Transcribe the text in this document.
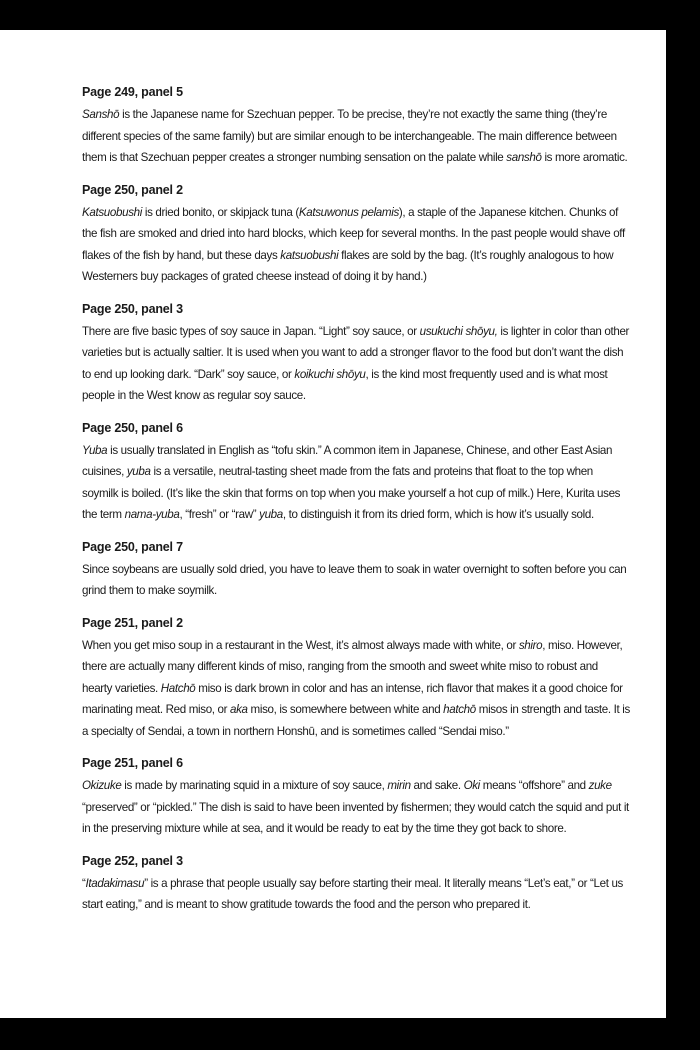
Page 249, panel 5

Sanshō is the Japanese name for Szechuan pepper. To be precise, they’re not exactly the same thing (they’re different species of the same family) but are similar enough to be interchangeable. The main difference between them is that Szechuan pepper creates a stronger numbing sensation on the palate while sanshō is more aromatic.

Page 250, panel 2

Katsuobushi is dried bonito, or skipjack tuna (Katsuwonus pelamis), a staple of the Japanese kitchen. Chunks of the fish are smoked and dried into hard blocks, which keep for several months. In the past people would shave off flakes of the fish by hand, but these days katsuobushi flakes are sold by the bag. (It’s roughly analogous to how Westerners buy packages of grated cheese instead of doing it by hand.)

Page 250, panel 3

There are five basic types of soy sauce in Japan. “Light” soy sauce, or usukuchi shōyu, is lighter in color than other varieties but is actually saltier. It is used when you want to add a stronger flavor to the food but don’t want the dish to end up looking dark. “Dark” soy sauce, or koikuchi shōyu, is the kind most frequently used and is what most people in the West know as regular soy sauce.

Page 250, panel 6

Yuba is usually translated in English as “tofu skin.” A common item in Japanese, Chinese, and other East Asian cuisines, yuba is a versatile, neutral-tasting sheet made from the fats and proteins that float to the top when soymilk is boiled. (It’s like the skin that forms on top when you make yourself a hot cup of milk.) Here, Kurita uses the term nama-yuba, “fresh” or “raw” yuba, to distinguish it from its dried form, which is how it’s usually sold.

Page 250, panel 7

Since soybeans are usually sold dried, you have to leave them to soak in water overnight to soften before you can grind them to make soymilk.

Page 251, panel 2

When you get miso soup in a restaurant in the West, it’s almost always made with white, or shiro, miso. However, there are actually many different kinds of miso, ranging from the smooth and sweet white miso to robust and hearty varieties. Hatchō miso is dark brown in color and has an intense, rich flavor that makes it a good choice for marinating meat. Red miso, or aka miso, is somewhere between white and hatchō misos in strength and taste. It is a specialty of Sendai, a town in northern Honshū, and is sometimes called “Sendai miso.”

Page 251, panel 6

Okizuke is made by marinating squid in a mixture of soy sauce, mirin and sake. Oki means “offshore” and zuke “preserved” or “pickled.” The dish is said to have been invented by fishermen; they would catch the squid and put it in the preserving mixture while at sea, and it would be ready to eat by the time they got back to shore.

Page 252, panel 3

“Itadakimasu” is a phrase that people usually say before starting their meal. It literally means “Let’s eat,” or “Let us start eating,” and is meant to show gratitude towards the food and the person who prepared it.
